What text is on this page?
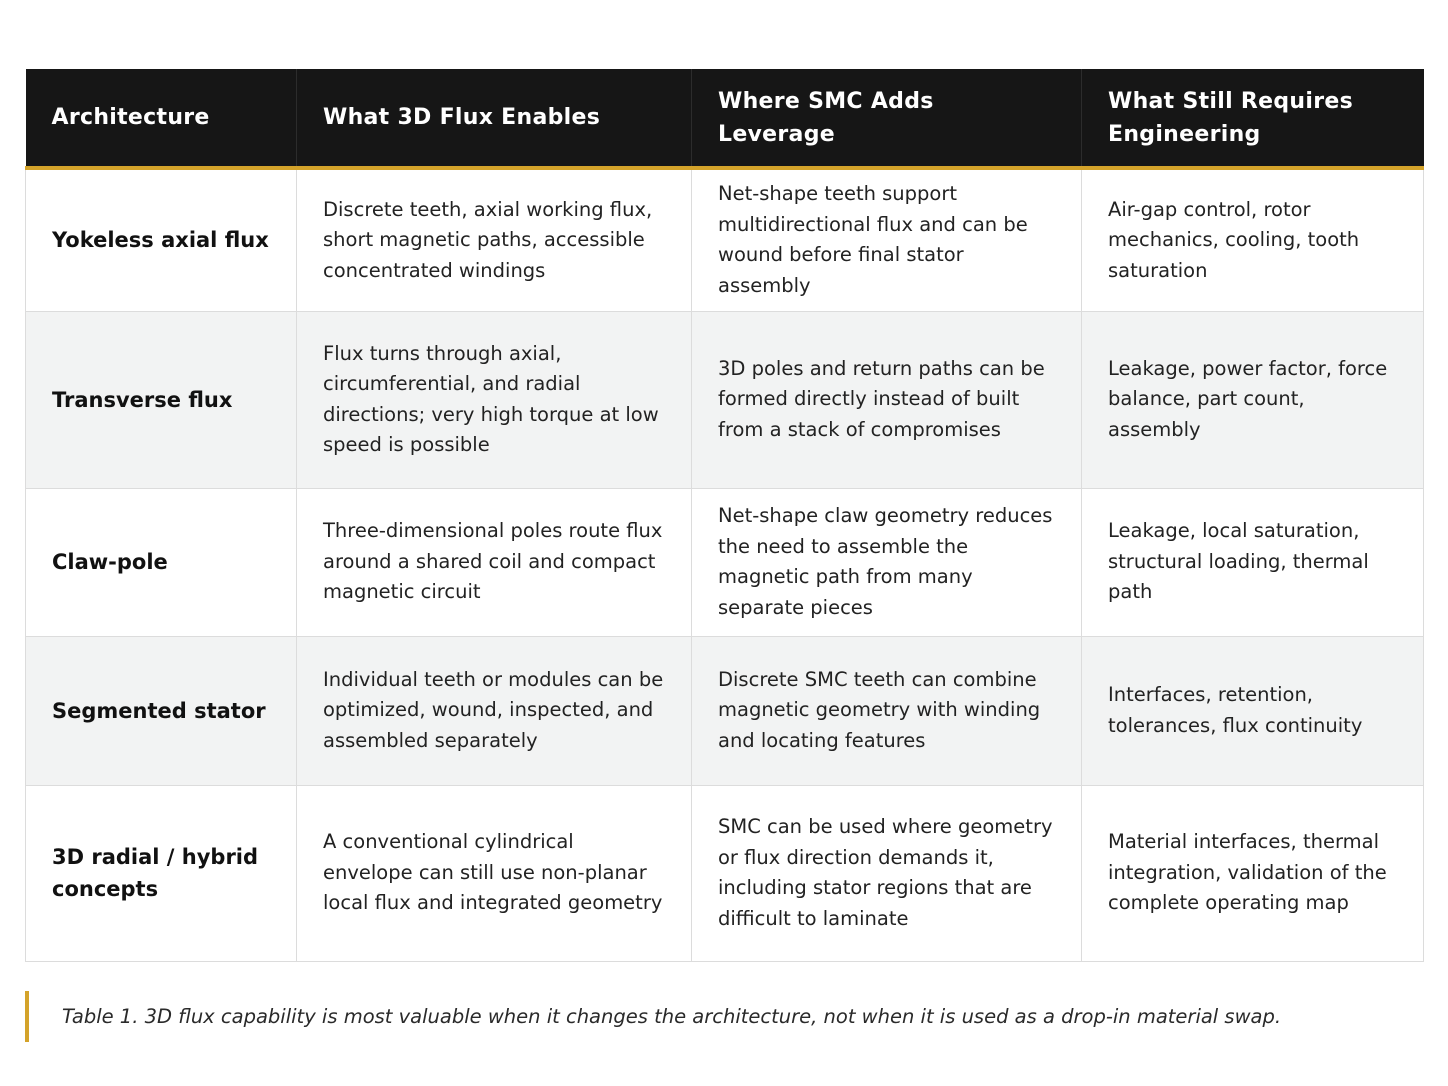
Architecture	What 3D Flux Enables	Where SMC Adds Leverage	What Still Requires Engineering
Yokeless axial flux	Discrete teeth, axial working flux, short magnetic paths, accessible concentrated windings	Net-shape teeth support multidirectional flux and can be wound before final stator assembly	Air-gap control, rotor mechanics, cooling, tooth saturation
Transverse flux	Flux turns through axial, circumferential, and radial directions; very high torque at low speed is possible	3D poles and return paths can be formed directly instead of built from a stack of compromises	Leakage, power factor, force balance, part count, assembly
Claw-pole	Three-dimensional poles route flux around a shared coil and compact magnetic circuit	Net-shape claw geometry reduces the need to assemble the magnetic path from many separate pieces	Leakage, local saturation, structural loading, thermal path
Segmented stator	Individual teeth or modules can be optimized, wound, inspected, and assembled separately	Discrete SMC teeth can combine magnetic geometry with winding and locating features	Interfaces, retention, tolerances, flux continuity
3D radial / hybrid concepts	A conventional cylindrical envelope can still use non-planar local flux and integrated geometry	SMC can be used where geometry or flux direction demands it, including stator regions that are difficult to laminate	Material interfaces, thermal integration, validation of the complete operating map
Table 1. 3D flux capability is most valuable when it changes the architecture, not when it is used as a drop-in material swap.
